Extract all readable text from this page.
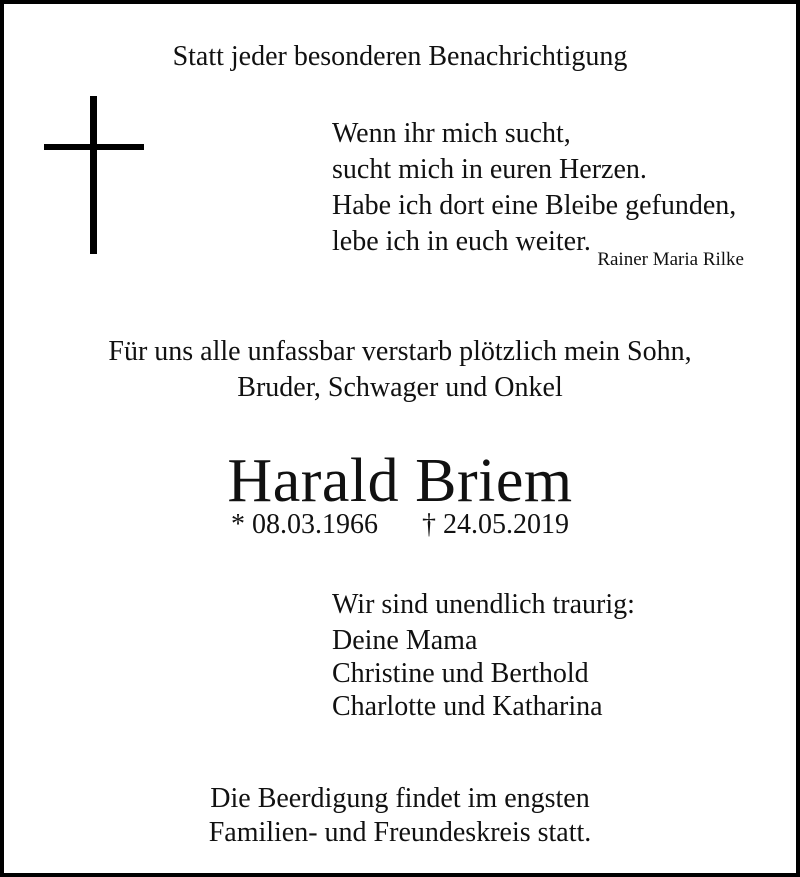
Statt jeder besonderen Benachrichtigung
Wenn ihr mich sucht,
sucht mich in euren Herzen.
Habe ich dort eine Bleibe gefunden,
lebe ich in euch weiter.
Rainer Maria Rilke
Für uns alle unfassbar verstarb plötzlich mein Sohn,
Bruder, Schwager und Onkel
Harald Briem
* 08.03.1966 † 24.05.2019
Wir sind unendlich traurig:
Deine Mama
Christine und Berthold
Charlotte und Katharina
Die Beerdigung findet im engsten
Familien- und Freundeskreis statt.
